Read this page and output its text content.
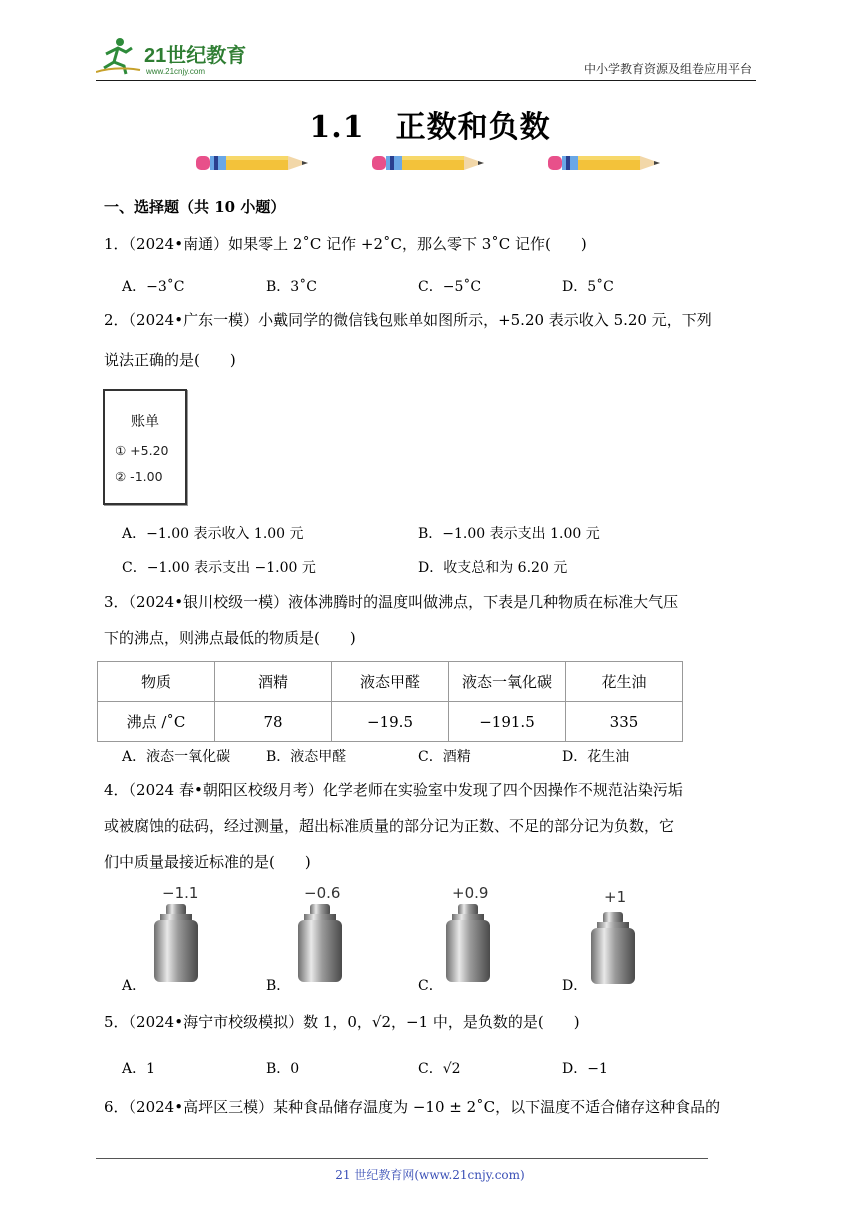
21世纪教育
www.21cnjy.com	中小学教育资源及组卷应用平台
1.1　正数和负数
一、选择题（共 10 小题）
1．（2024•南通）如果零上 2˚C 记作 +2˚C，那么零下 3˚C 记作(　　)
A．−3˚C	B．3˚C	C．−5˚C	D．5˚C
2．（2024•广东一模）小戴同学的微信钱包账单如图所示，+5.20 表示收入 5.20 元，下列
说法正确的是(　　)
账单
① +5.20
② -1.00
A．−1.00 表示收入 1.00 元	B．−1.00 表示支出 1.00 元
C．−1.00 表示支出 −1.00 元	D．收支总和为 6.20 元
3．（2024•银川校级一模）液体沸腾时的温度叫做沸点，下表是几种物质在标准大气压
下的沸点，则沸点最低的物质是(　　)
物质	酒精	液态甲醛	液态一氧化碳	花生油
沸点 /˚C	78	−19.5	−191.5	335
A．液态一氧化碳	B．液态甲醛	C．酒精	D．花生油
4．（2024 春•朝阳区校级月考）化学老师在实验室中发现了四个因操作不规范沾染污垢
或被腐蚀的砝码，经过测量，超出标准质量的部分记为正数、不足的部分记为负数，它
们中质量最接近标准的是(　　)
−1.1	−0.6	+0.9	+1
A．	B．	C．	D．
5．（2024•海宁市校级模拟）数 1，0，√2，−1 中，是负数的是(　　)
A．1	B．0	C．√2	D．−1
6．（2024•高坪区三模）某种食品储存温度为 −10 ± 2˚C，以下温度不适合储存这种食品的
21 世纪教育网(www.21cnjy.com)
